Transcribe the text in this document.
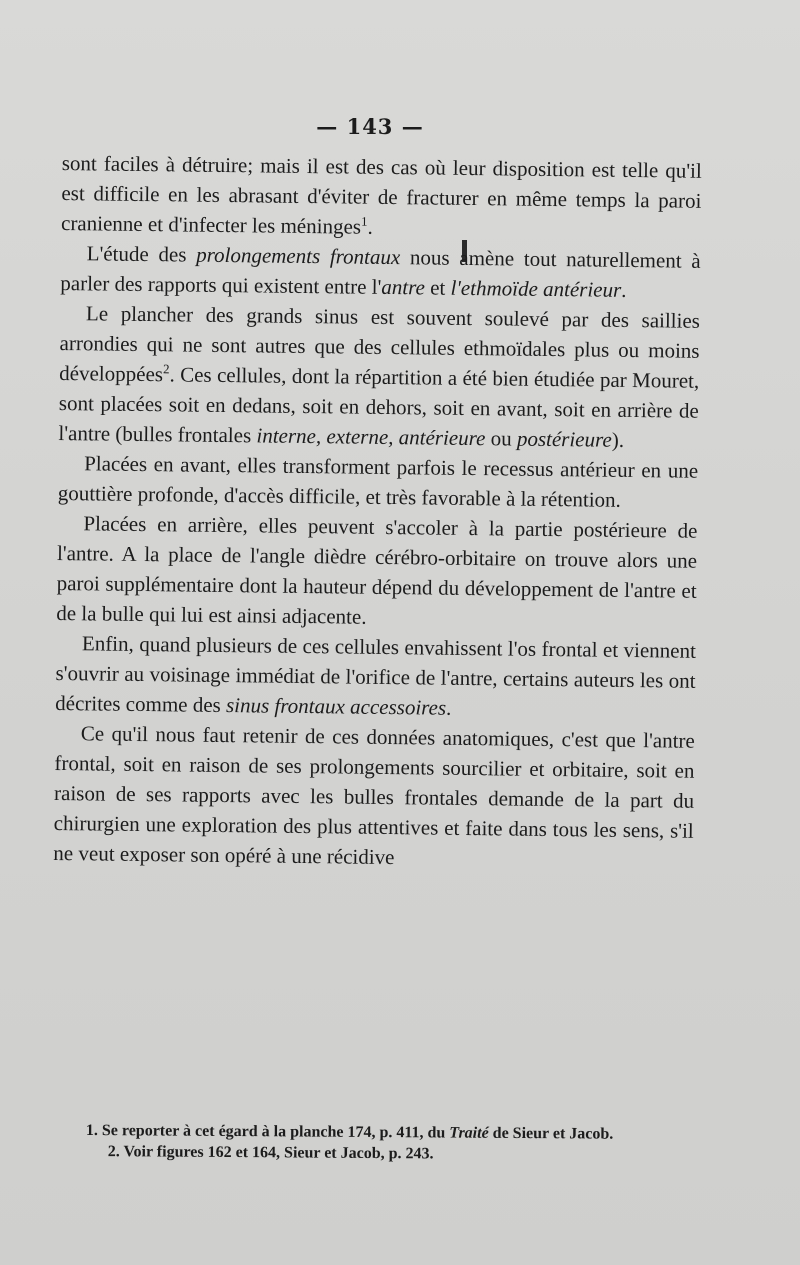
— 143 —

sont faciles à détruire; mais il est des cas où leur disposition est telle qu'il est difficile en les abrasant d'éviter de fracturer en même temps la paroi cranienne et d'infecter les méninges$^1$.

L'étude des prolongements frontaux nous amène tout naturellement à parler des rapports qui existent entre l'antre et l'ethmoïde antérieur.

Le plancher des grands sinus est souvent soulevé par des saillies arrondies qui ne sont autres que des cellules ethmoïdales plus ou moins développées$^2$. Ces cellules, dont la répartition a été bien étudiée par Mouret, sont placées soit en dedans, soit en dehors, soit en avant, soit en arrière de l'antre (bulles frontales interne, externe, antérieure ou postérieure).

Placées en avant, elles transforment parfois le recessus antérieur en une gouttière profonde, d'accès difficile, et très favorable à la rétention.

Placées en arrière, elles peuvent s'accoler à la partie postérieure de l'antre. A la place de l'angle dièdre cérébro-orbitaire on trouve alors une paroi supplémentaire dont la hauteur dépend du développement de l'antre et de la bulle qui lui est ainsi adjacente.

Enfin, quand plusieurs de ces cellules envahissent l'os frontal et viennent s'ouvrir au voisinage immédiat de l'orifice de l'antre, certains auteurs les ont décrites comme des sinus frontaux accessoires.

Ce qu'il nous faut retenir de ces données anatomiques, c'est que l'antre frontal, soit en raison de ses prolongements sourcilier et orbitaire, soit en raison de ses rapports avec les bulles frontales demande de la part du chirurgien une exploration des plus attentives et faite dans tous les sens, s'il ne veut exposer son opéré à une récidive

1. Se reporter à cet égard à la planche 174, p. 411, du Traité de Sieur et Jacob.

2. Voir figures 162 et 164, Sieur et Jacob, p. 243.
